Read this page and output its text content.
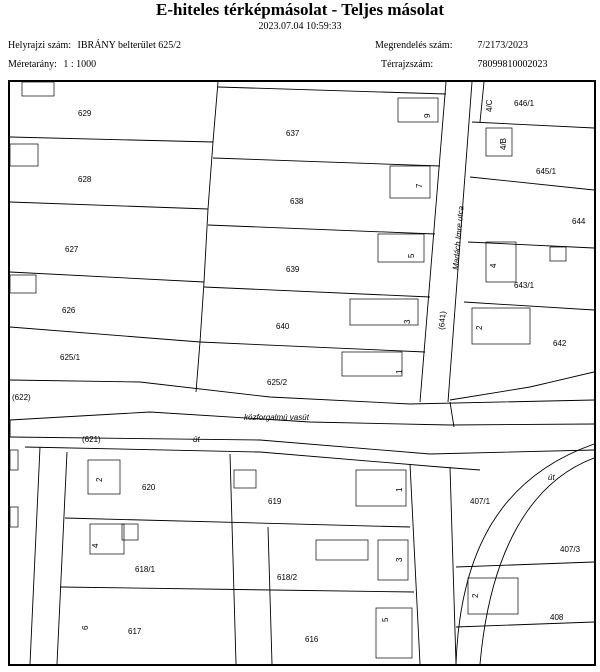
E-hiteles térképmásolat - Teljes másolat
2023.07.04 10:59:33
Helyrajzi szám: IBRÁNY belterület 625/2
Méretarány: 1 : 1000
Megrendelés szám:	7/2173/2023
Térrajzszám:	78099810002023
629
637
646/1
628
645/1
638
644
627
639
643/1
626
640
642
625/1
625/2
(622)
(641)
(621)
620
619	407/1
407/3
618/1
618/2
408
617
616
Madách Imre utca
közforgalmú vasút
út
út
9
4/C
4/B
7
5
4
3
2
1
2
1
4
3
2
6
5
